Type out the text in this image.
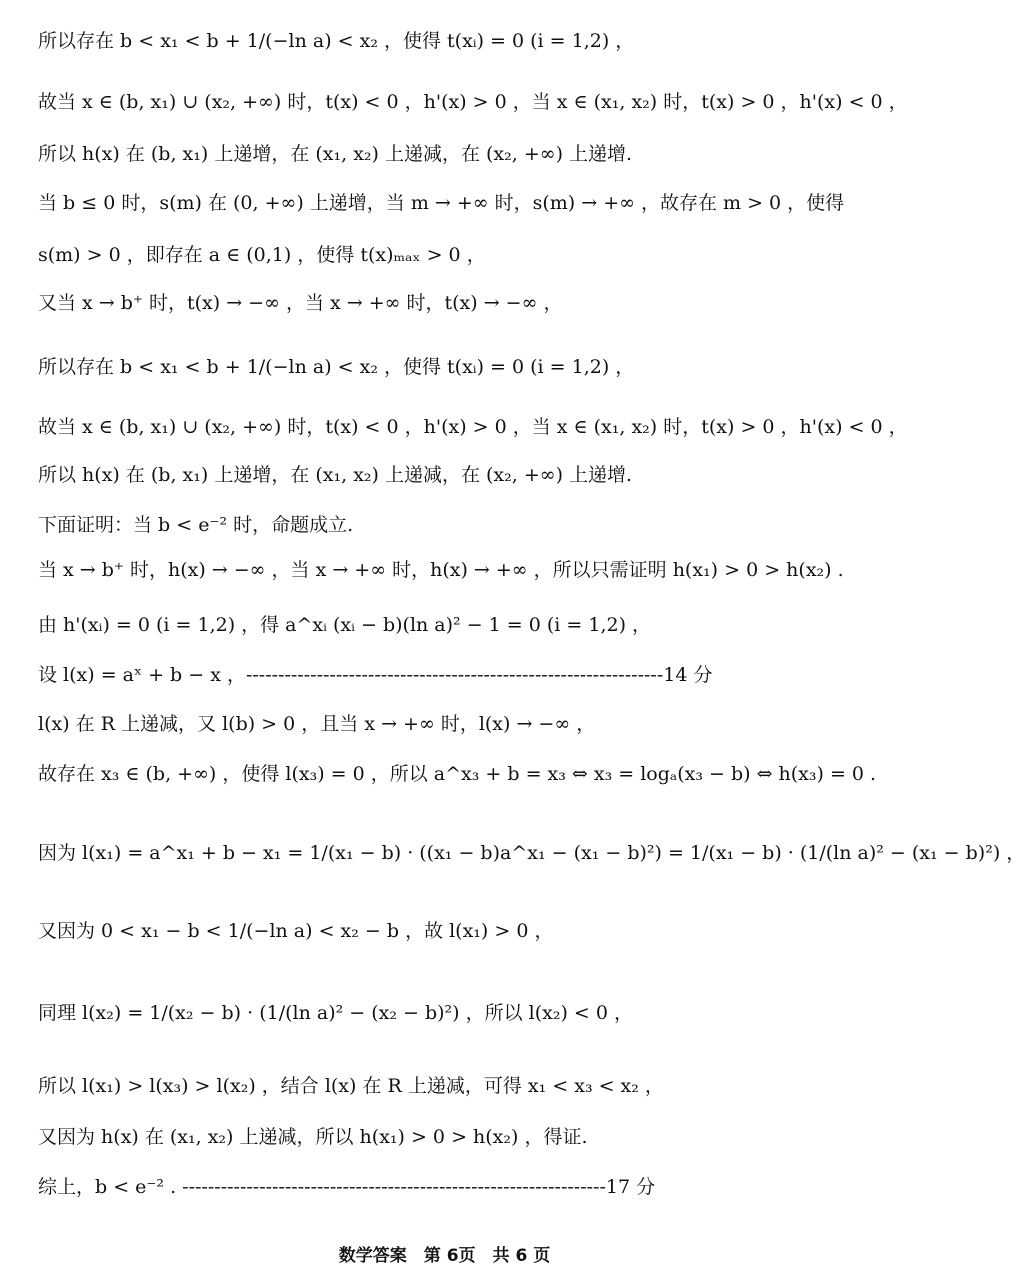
所以存在 b < x₁ < b + 1/(−ln a) < x₂ ，使得 t(xᵢ) = 0 (i = 1,2) ，
故当 x ∈ (b, x₁) ∪ (x₂, +∞) 时，t(x) < 0 ，h'(x) > 0 ，当 x ∈ (x₁, x₂) 时，t(x) > 0 ，h'(x) < 0 ，
所以 h(x) 在 (b, x₁) 上递增，在 (x₁, x₂) 上递减，在 (x₂, +∞) 上递增.
当 b ≤ 0 时，s(m) 在 (0, +∞) 上递增，当 m → +∞ 时，s(m) → +∞ ，故存在 m > 0 ，使得
s(m) > 0 ，即存在 a ∈ (0,1) ，使得 t(x)ₘₐₓ > 0 ，
又当 x → b⁺ 时，t(x) → −∞ ，当 x → +∞ 时，t(x) → −∞ ，
所以存在 b < x₁ < b + 1/(−ln a) < x₂ ，使得 t(xᵢ) = 0 (i = 1,2) ，
故当 x ∈ (b, x₁) ∪ (x₂, +∞) 时，t(x) < 0 ，h'(x) > 0 ，当 x ∈ (x₁, x₂) 时，t(x) > 0 ，h'(x) < 0 ，
所以 h(x) 在 (b, x₁) 上递增，在 (x₁, x₂) 上递减，在 (x₂, +∞) 上递增.
下面证明：当 b < e⁻² 时，命题成立.
当 x → b⁺ 时，h(x) → −∞ ，当 x → +∞ 时，h(x) → +∞ ，所以只需证明 h(x₁) > 0 > h(x₂) .
由 h'(xᵢ) = 0 (i = 1,2) ，得 a^xᵢ (xᵢ − b)(ln a)² − 1 = 0 (i = 1,2) ，
设 l(x) = aˣ + b − x ，-----------------------------------------------------------------14 分
l(x) 在 R 上递减，又 l(b) > 0 ，且当 x → +∞ 时，l(x) → −∞ ，
故存在 x₃ ∈ (b, +∞) ，使得 l(x₃) = 0 ，所以 a^x₃ + b = x₃ ⇔ x₃ = logₐ(x₃ − b) ⇔ h(x₃) = 0 .
因为 l(x₁) = a^x₁ + b − x₁ = 1/(x₁ − b) · ((x₁ − b)a^x₁ − (x₁ − b)²) = 1/(x₁ − b) · (1/(ln a)² − (x₁ − b)²) ，
又因为 0 < x₁ − b < 1/(−ln a) < x₂ − b ，故 l(x₁) > 0 ，
同理 l(x₂) = 1/(x₂ − b) · (1/(ln a)² − (x₂ − b)²) ，所以 l(x₂) < 0 ，
所以 l(x₁) > l(x₃) > l(x₂) ，结合 l(x) 在 R 上递减，可得 x₁ < x₃ < x₂ ，
又因为 h(x) 在 (x₁, x₂) 上递减，所以 h(x₁) > 0 > h(x₂) ，得证.
综上，b < e⁻² . ------------------------------------------------------------------17 分
数学答案　第 6页　共 6 页
